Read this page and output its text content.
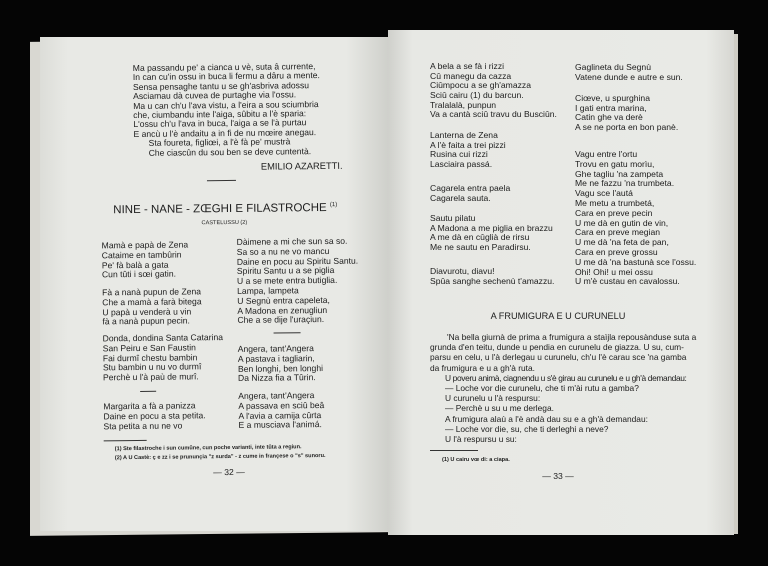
Ma passandu pe' a cianca u vè, suta â currente,
In can cu'in ossu in buca li fermu a dâru a mente.
Sensa pensaghe tantu u se gh'asbriva adossu
Asciamau dà cuvea de purtaghe via l'ossu.
Ma u can ch'u l'ava vistu, a l'eira a sou sciumbria
che, ciumbandu inte l'aiga, sûbitu a l'è sparia:
L'ossu ch'u l'ava in buca, l'aiga a se l'à purtau
E ancù u l'è andaitu a in fi de nu mœire anegau.
Sta foureta, figliœi, a l'è fà pe' mustrà
Che ciascûn du sou ben se deve cuntentà.
EMILIO AZARETTI.
NINE - NANE - ZŒGHI E FILASTROCHE $^{(1)}$
CASTELUSSU (2)
Mamà e papà de Zena
Cataime en tambûrin
Pe' fà balà a gata
Cun tûti i sœi gatin.
Fà a nanà pupun de Zena
Che a mamà a farà bitega
U papà u venderà u vin
fà a nanà pupun pecin.
Donda, dondina Santa Catarina
San Peiru e San Faustin
Fai durmî chestu bambin
Stu bambin u nu vo durmî
Perchè u l'à paù de murî.
Margarita a fà a panizza
Daine en pocu a sta petita.
Sta petita a nu ne vo
Dàimene a mi che sun sa so.
Sa so a nu ne vo mancu
Daine en pocu au Spiritu Santu.
Spiritu Santu u a se piglia
U a se mete entra butiglia.
Lampa, lampeta
U Segnù entra capeleta,
A Madona en zenugliun
Che a se dije l'uraçiun.
Angera, tant'Angera
A pastava i tagliarin,
Ben longhi, ben longhi
Da Nizza fia a Tûrin.
Angera, tant'Angera
A passava en sciû beâ
A l'avia a camija cûrta
E a musciava l'animá.
(1) Ste filastroche i sun cumûne, cun poche varianti, inte tûta a regiun.
(2) A U Castè: ç e zz i se prununçia "z surda" - z cume in françese o "s" sunoru.
— 32 —
A bela a se fà i rizzi
Cû manegu da cazza
Ciûmpocu a se gh'amazza
Sciû cairu (1) du barcun.
Tralalalà, punpun
Va a cantà sciû travu du Busciûn.
Lanterna de Zena
A l'è faita a trei pizzi
Rusina cui rizzi
Lasciaira passá.
Cagarela entra paela
Cagarela sauta.
Sautu pilatu
A Madona a me piglia en brazzu
A me dà en cûglià de rirsu
Me ne sautu en Paradirsu.
Diavurotu, diavu!
Spûa sanghe sechenù t'amazzu.
Gaglineta du Segnù
Vatene dunde e autre e sun.
Ciœve, u spurghina
I gati entra marina,
Catin ghe va derè
A se ne porta en bon panè.
Vagu entre l'ortu
Trovu en gatu morìu,
Ghe tagliu 'na zampeta
Me ne fazzu 'na trumbeta.
Vagu sce l'autá
Me metu a trumbetá,
Cara en preve pecin
U me dà en gutin de vin,
Cara en preve megian
U me dà 'na feta de pan,
Cara en preve grossu
U me dà 'na bastunà sce l'ossu.
Ohi! Ohi! u mei ossu
U m'è custau en cavalossu.
A FRUMIGURA E U CURUNELU
'Na bella giurnà de prima a frumigura a staìjla repousànduse suta a
grunda d'en teitu, dunde u pendia en curunelu de giazza. U su, cum-
parsu en celu, u l'à derlegau u curunelu, ch'u l'è carau sce 'na gamba
da frumigura e u a gh'à ruta.
U poveru animà, ciagnendu u s'è girau au curunelu e u gh'à demandau:
— Loche vor die curunelu, che ti m'ài rutu a gamba?
U curunelu u l'à respursu:
— Perchè u su u me derlega.
A frumigura alaù a l'è andà dau su e a gh'à demandau:
— Loche vor die, su, che ti derleghi a neve?
U l'à respursu u su:
(1) U cairu vœ di: a ciapa.
— 33 —
